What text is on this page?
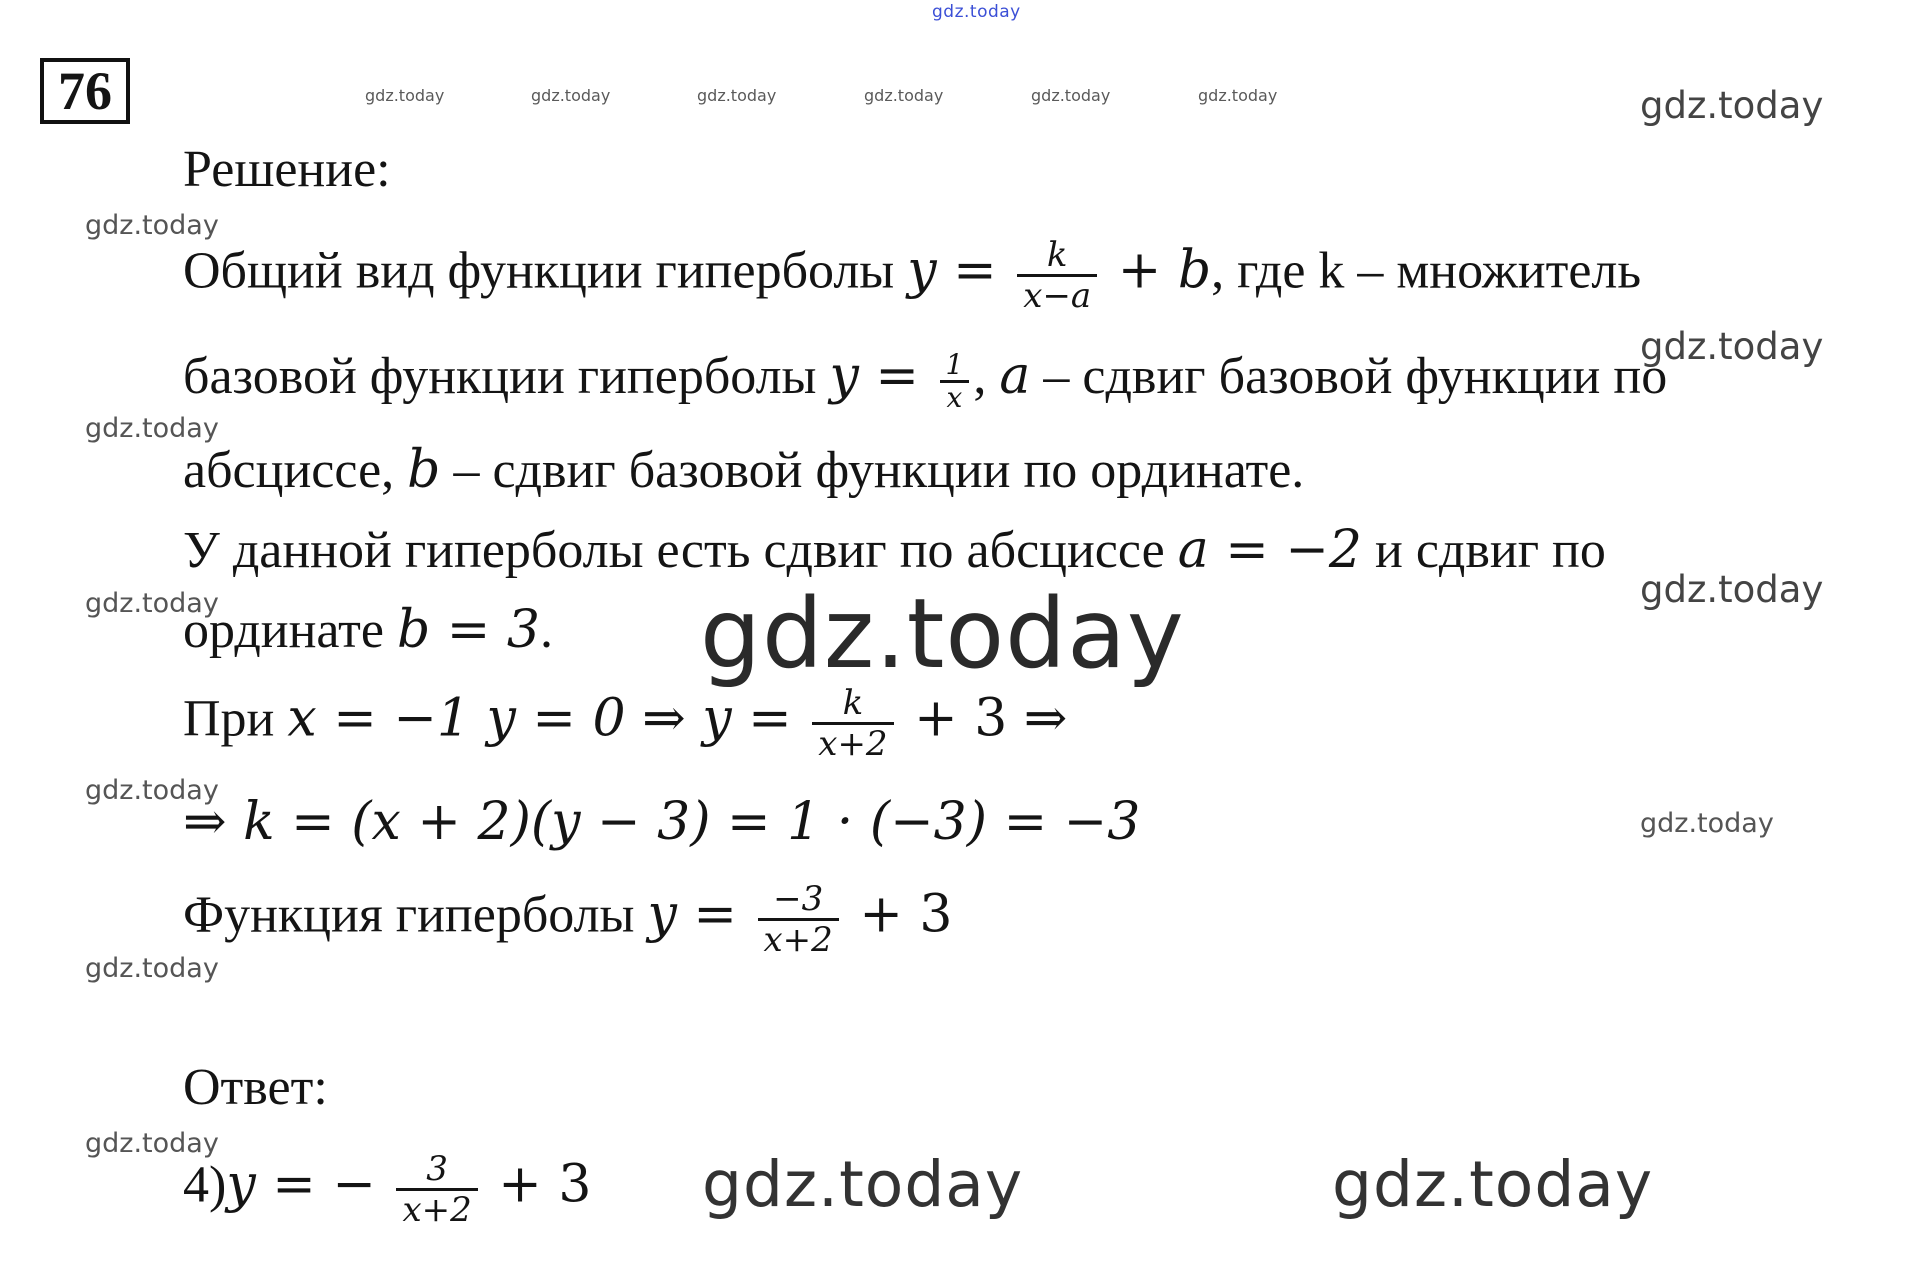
gdz.today
gdz.today	gdz.today	gdz.today	gdz.today	gdz.today	gdz.today	gdz.today
gdz.today
gdz.today
gdz.today
gdz.today
gdz.today
gdz.today
gdz.today
gdz.today
gdz.today
gdz.today
gdz.today	gdz.today
76
Решение:
Общий вид функции гиперболы $y = \frac{k}{x-a} + b$, где k – множитель
базовой функции гиперболы $y = \frac{1}{x}$ , a – сдвиг базовой функции по
абсциссе, b – сдвиг базовой функции по ординате.
У данной гиперболы есть сдвиг по абсциссе a = −2 и сдвиг по
ординате b = 3.
При x = −1 y = 0 ⇒ $y = \frac{k}{x+2} + 3$ ⇒
⇒ k = (x + 2)(y − 3) = 1 · (−3) = −3
Функция гиперболы $y = \frac{-3}{x+2} + 3$
Ответ:
4)y = − $\frac{3}{x+2} + 3$
